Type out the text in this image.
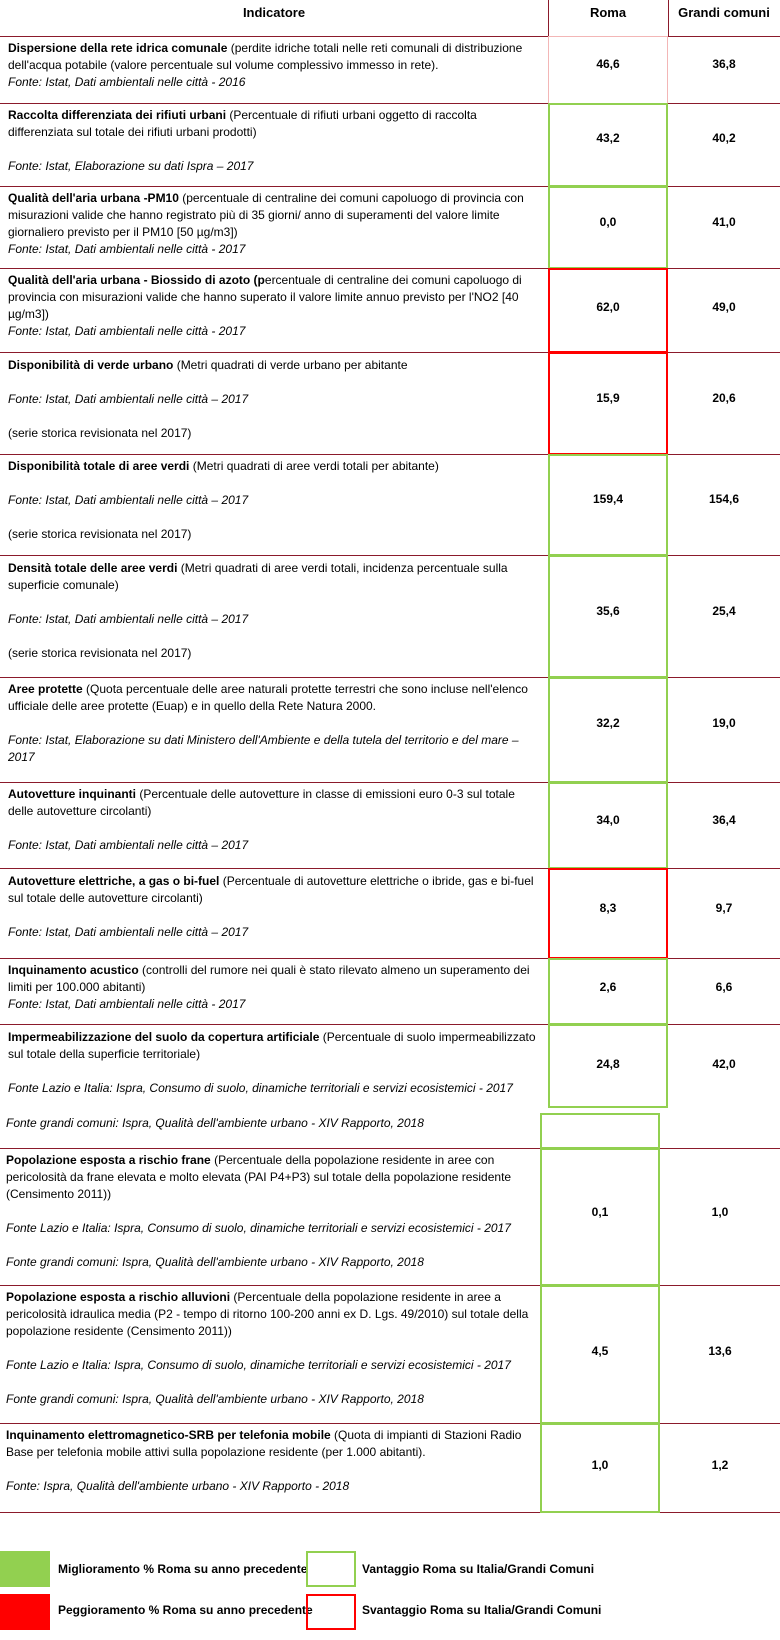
Indicatore	Roma	Grandi comuni

Dispersione della rete idrica comunale (perdite idriche totali nelle reti comunali di distribuzione dell'acqua potabile (valore percentuale sul volume complessivo immesso in rete).

Fonte: Istat, Dati ambientali nelle città - 2016

46,6	36,8

Raccolta differenziata dei rifiuti urbani (Percentuale di rifiuti urbani oggetto di raccolta differenziata sul totale dei rifiuti urbani prodotti)

Fonte: Istat, Elaborazione su dati Ispra – 2017

43,2	40,2

Qualità dell'aria urbana -PM10 (percentuale di centraline dei comuni capoluogo di provincia con misurazioni valide che hanno registrato più di 35 giorni/ anno di superamenti del valore limite giornaliero previsto per il PM10 [50 µg/m3])

Fonte: Istat, Dati ambientali nelle città - 2017

0,0	41,0

Qualità dell'aria urbana - Biossido di azoto (percentuale di centraline dei comuni capoluogo di provincia con misurazioni valide che hanno superato il valore limite annuo previsto per l'NO2 [40 µg/m3])

Fonte: Istat, Dati ambientali nelle città - 2017

62,0	49,0

Disponibilità di verde urbano (Metri quadrati di verde urbano per abitante

Fonte: Istat, Dati ambientali nelle città – 2017

(serie storica revisionata nel 2017)

15,9	20,6

Disponibilità totale di aree verdi (Metri quadrati di aree verdi totali per abitante)

Fonte: Istat, Dati ambientali nelle città – 2017

(serie storica revisionata nel 2017)

159,4	154,6

Densità totale delle aree verdi (Metri quadrati di aree verdi totali, incidenza percentuale sulla superficie comunale)

Fonte: Istat, Dati ambientali nelle città – 2017

(serie storica revisionata nel 2017)

35,6	25,4

Aree protette (Quota percentuale delle aree naturali protette terrestri che sono incluse nell'elenco ufficiale delle aree protette (Euap) e in quello della Rete Natura 2000.

Fonte: Istat, Elaborazione su dati Ministero dell'Ambiente e della tutela del territorio e del mare – 2017

32,2	19,0

Autovetture inquinanti (Percentuale delle autovetture in classe di emissioni euro 0-3 sul totale delle autovetture circolanti)

Fonte: Istat, Dati ambientali nelle città – 2017

34,0	36,4

Autovetture elettriche, a gas o bi-fuel (Percentuale di autovetture elettriche o ibride, gas e bi-fuel sul totale delle autovetture circolanti)

Fonte: Istat, Dati ambientali nelle città – 2017

8,3	9,7

Inquinamento acustico (controlli del rumore nei quali è stato rilevato almeno un superamento dei limiti per 100.000 abitanti)

Fonte: Istat, Dati ambientali nelle città - 2017

2,6	6,6

Impermeabilizzazione del suolo da copertura artificiale (Percentuale di suolo impermeabilizzato sul totale della superficie territoriale)

Fonte Lazio e Italia: Ispra, Consumo di suolo, dinamiche territoriali e servizi ecosistemici - 2017

Fonte grandi comuni: Ispra, Qualità dell'ambiente urbano - XIV Rapporto, 2018

24,8	42,0

Popolazione esposta a rischio frane (Percentuale della popolazione residente in aree con pericolosità da frane elevata e molto elevata (PAI P4+P3) sul totale della popolazione residente (Censimento 2011))

Fonte Lazio e Italia: Ispra, Consumo di suolo, dinamiche territoriali e servizi ecosistemici - 2017

Fonte grandi comuni: Ispra, Qualità dell'ambiente urbano - XIV Rapporto, 2018

0,1	1,0

Popolazione esposta a rischio alluvioni (Percentuale della popolazione residente in aree a pericolosità idraulica media (P2 - tempo di ritorno 100-200 anni ex D. Lgs. 49/2010) sul totale della popolazione residente (Censimento 2011))

Fonte Lazio e Italia: Ispra, Consumo di suolo, dinamiche territoriali e servizi ecosistemici - 2017

Fonte grandi comuni: Ispra, Qualità dell'ambiente urbano - XIV Rapporto, 2018

4,5	13,6

Inquinamento elettromagnetico-SRB per telefonia mobile (Quota di impianti di Stazioni Radio Base per telefonia mobile attivi sulla popolazione residente (per 1.000 abitanti).

Fonte: Ispra, Qualità dell'ambiente urbano - XIV Rapporto - 2018

1,0	1,2
Miglioramento % Roma su anno precedente
Peggioramento % Roma su anno precedente
Vantaggio Roma su Italia/Grandi Comuni
Svantaggio Roma su Italia/Grandi Comuni
